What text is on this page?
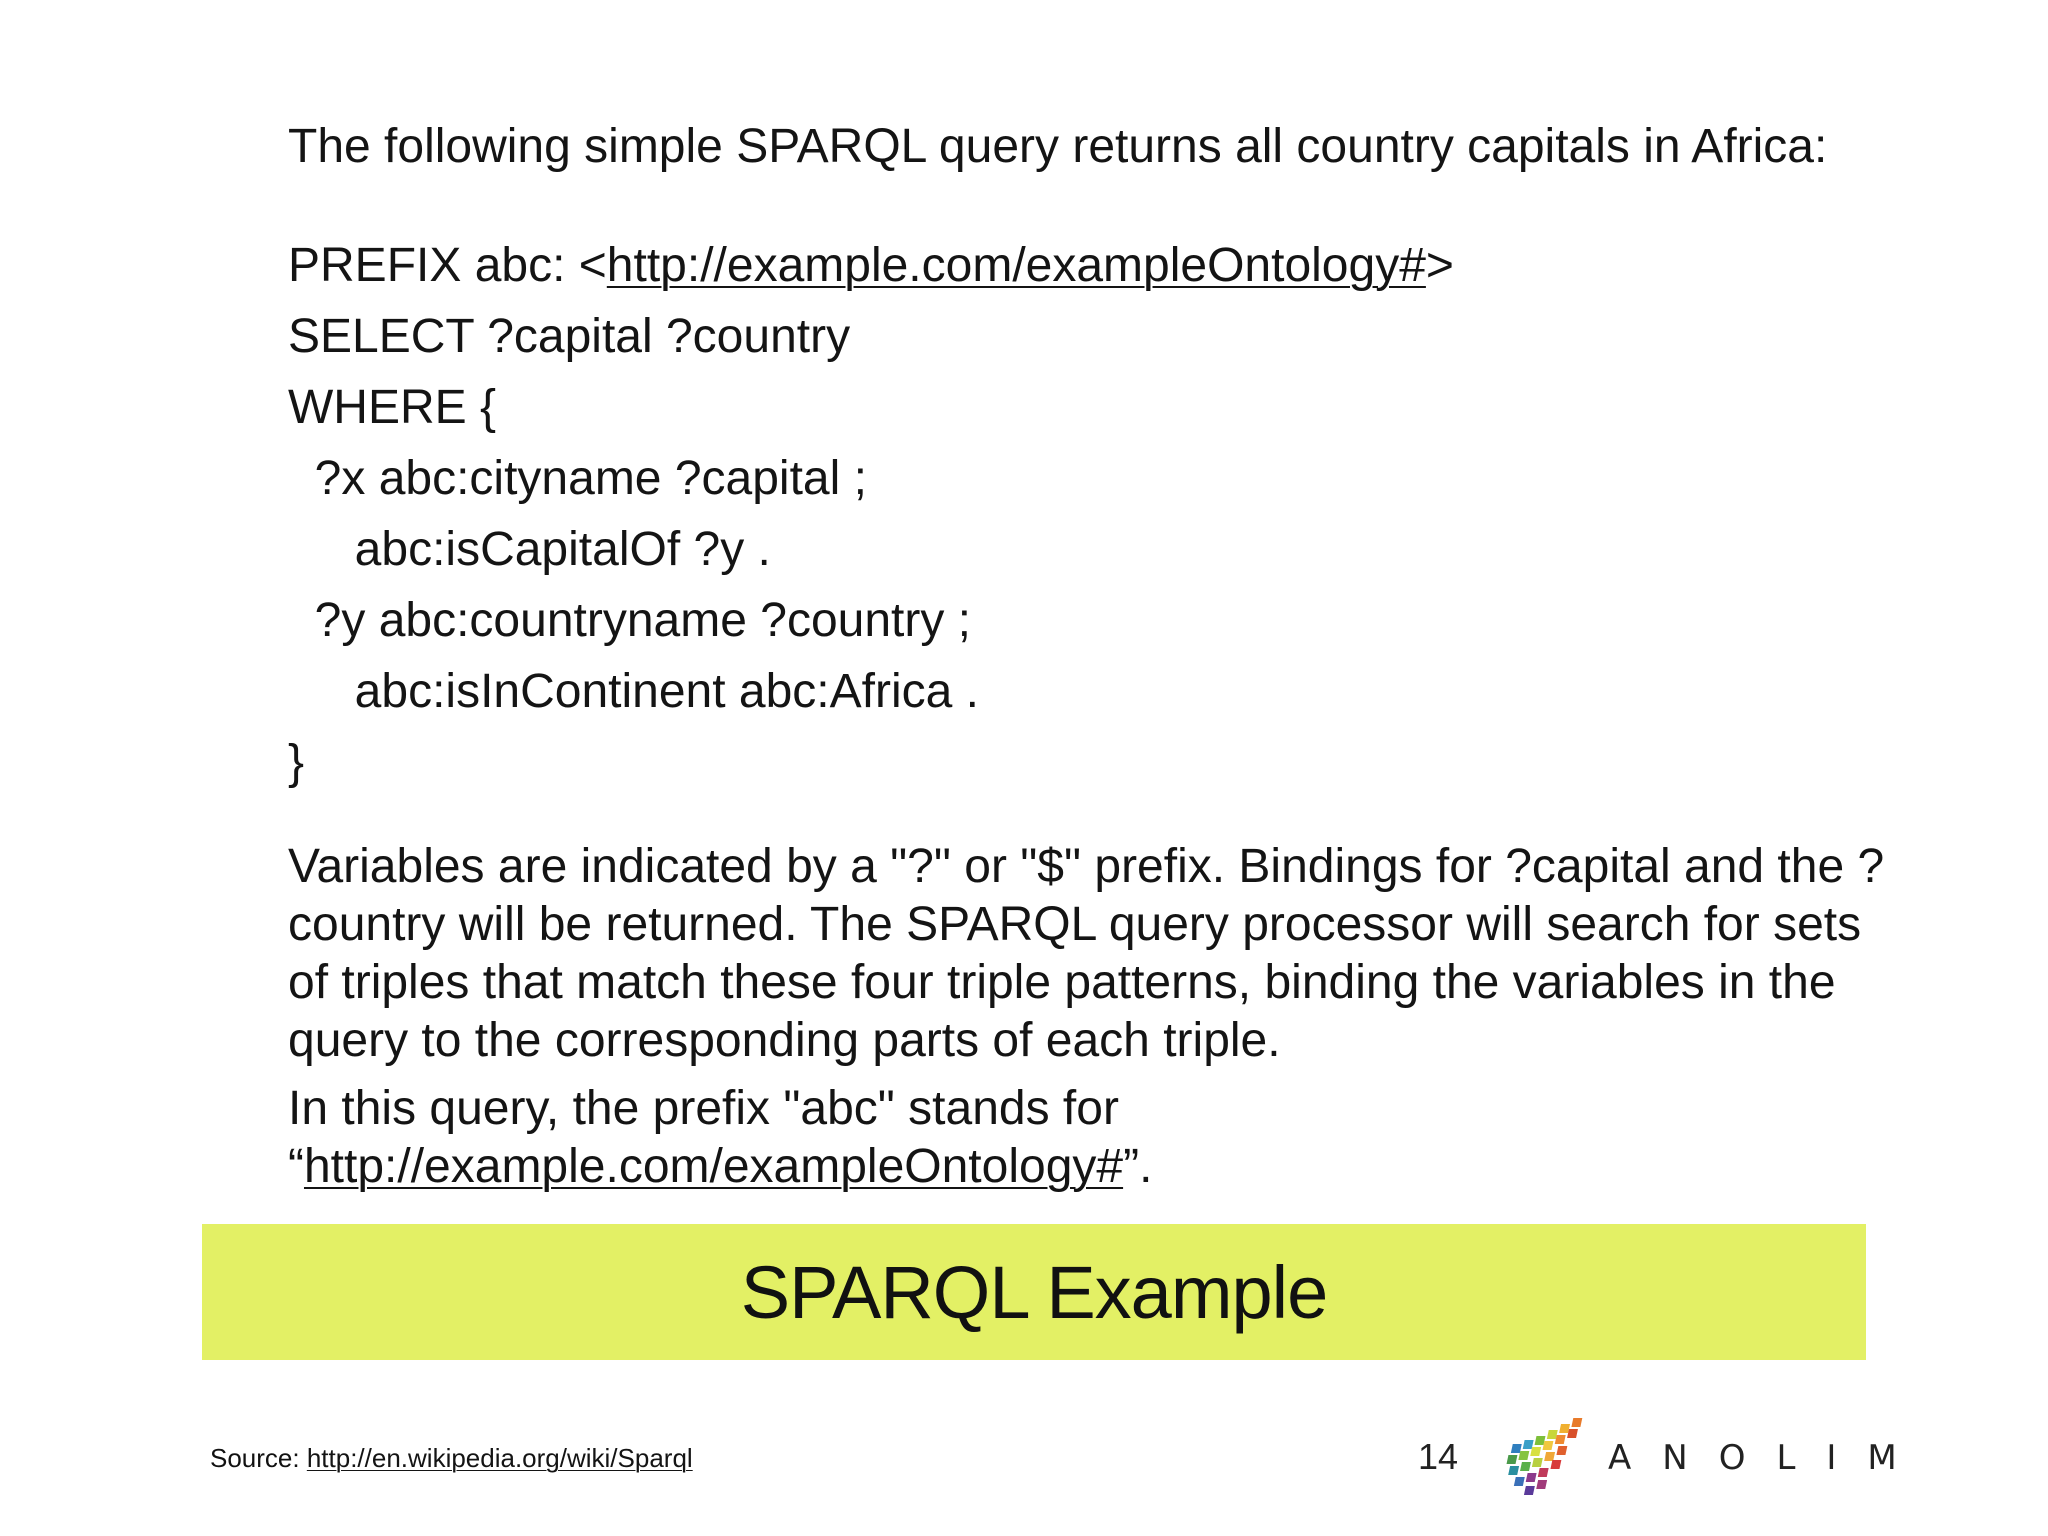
The following simple SPARQL query returns all country capitals in Africa:

PREFIX abc: <http://example.com/exampleOntology#>
SELECT ?capital ?country
WHERE {
?x abc:cityname ?capital ;
abc:isCapitalOf ?y .
?y abc:countryname ?country ;
abc:isInContinent abc:Africa .
}

Variables are indicated by a "?" or "$" prefix. Bindings for ?capital and the ?country will be returned. The SPARQL query processor will search for sets of triples that match these four triple patterns, binding the variables in the query to the corresponding parts of each triple.

In this query, the prefix "abc" stands for “http://example.com/exampleOntology#”.

SPARQL Example
Source: http://en.wikipedia.org/wiki/Sparql	14	ANOLIM
